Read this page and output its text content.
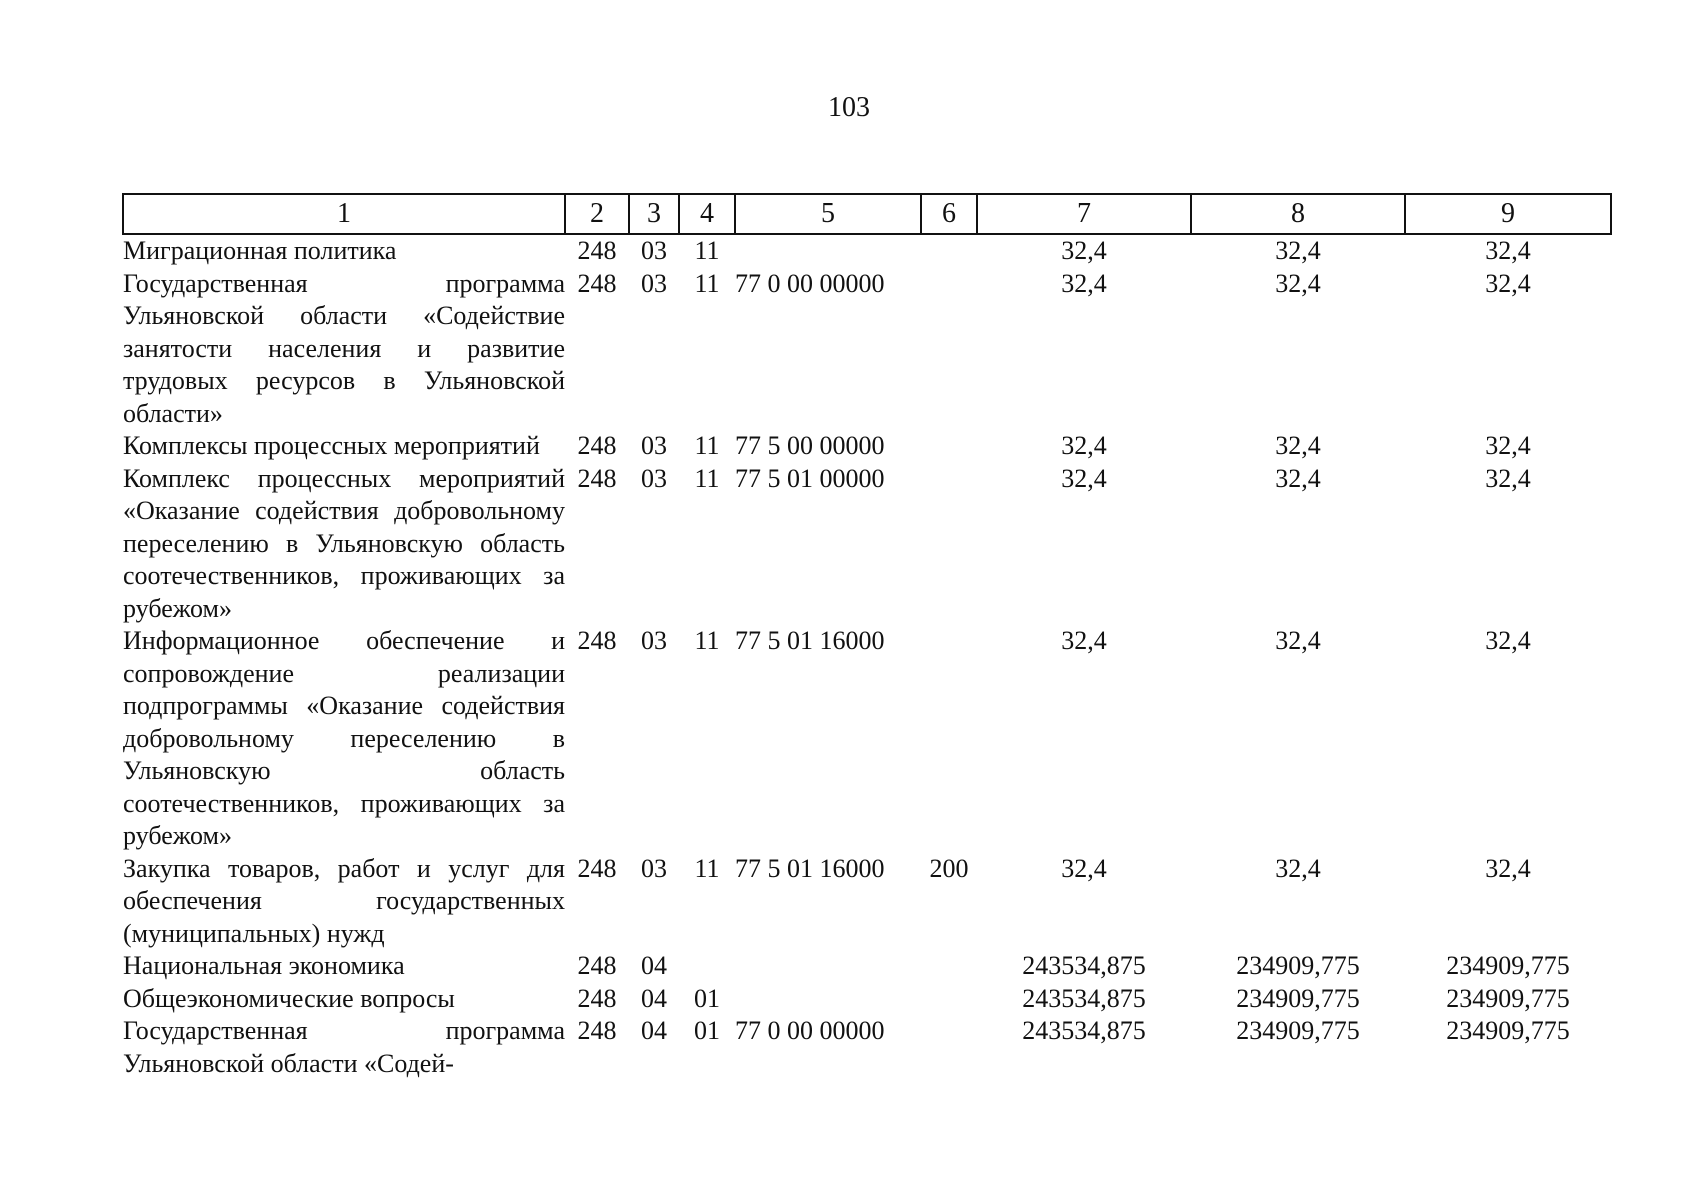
103
1	2	3	4	5	6	7	8	9
Миграционная политика	248	03	11			32,4	32,4	32,4
Государственная программа Ульяновской области «Содействие занятости населения и развитие трудовых ресурсов в Ульяновской области»	248	03	11	77 0 00 00000		32,4	32,4	32,4
Комплексы процессных мероприятий	248	03	11	77 5 00 00000		32,4	32,4	32,4
Комплекс процессных мероприятий «Оказание содействия добровольному переселению в Ульяновскую область соотечественников, проживающих за рубежом»	248	03	11	77 5 01 00000		32,4	32,4	32,4
Информационное обеспечение и сопровождение реализации подпрограммы «Оказание содействия добровольному переселению в Ульяновскую область соотечественников, проживающих за рубежом»	248	03	11	77 5 01 16000		32,4	32,4	32,4
Закупка товаров, работ и услуг для обеспечения государственных (муниципальных) нужд	248	03	11	77 5 01 16000	200	32,4	32,4	32,4
Национальная экономика	248	04				243534,875	234909,775	234909,775
Общеэкономические вопросы	248	04	01			243534,875	234909,775	234909,775
Государственная программа Ульяновской области «Содей-	248	04	01	77 0 00 00000		243534,875	234909,775	234909,775
